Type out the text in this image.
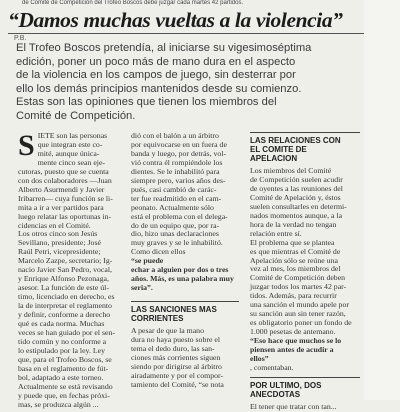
de Comité de Competición del Trofeo Boscos debe juzgar cada martes 42 partidos.
“Damos muchas vueltas a la violencia”
P.B.
El Trofeo Boscos pretendía, al iniciarse su vigesimoséptima
edición, poner un poco más de mano dura en el aspecto
de la violencia en los campos de juego, sin desterrar por
ello los demás principios mantenidos desde su comienzo.
Estas son las opiniones que tienen los miembros del
Comité de Competición.
S IETE son las personas
que integran este co-
mité, aunque única-
mente cinco sean eje-
cutoras, puesto que se cuenta
con dos colaboradores —Juan
Alberto Asurmendi y Javier
Iribarren— cuya función se li-
mita a ir a ver partidos para
luego relatar las oportunas in-
cidencias en el Comité.
Los otros cinco son Jesús
Sevillano, presidente; José
Raúl Petri, vicepresidente;
Marcelo Zazpe, secretario; Ig-
nacio Javier San Pedro, vocal,
y Enrique Alfonso Pezonaga,
asesor. La función de este úl-
timo, licenciado en derecho, es
la de interpretar el reglamento
y definir, conforme a derecho
qué es cada norma. Muchas
veces se han guiado por el sen-
tido común y no conforme a
lo estipulado por la ley. Ley
que, para el Trofeo Boscos, se
basa en el reglamento de fút-
bol, adaptado a este torneo.
Actualmente se está revisando
y puede que, en fechas próxi-
mas, se produzca algún ...
dió con el balón a un árbitro
por equivocarse en un fuera de
banda y luego, por detrás, vol-
vió contra él rompiéndole los
dientes. Se le inhabilitó para
siempre pero, varios años des-
pués, casi cambió de carác-
ter fue readmitido en el cam-
peonato. Actualmente sólo
está el problema con el delega-
do de un equipo que, por ra-
dio, hizo unas declaraciones
muy graves y se le inhabilitó.
Como dicen ellos
“se puede
echar a alguien por dos o tres
años. Más, es una palabra muy
seria”.
LAS SANCIONES MAS
CORRIENTES
A pesar de que la mano
dura no haya puesto sobre el
tema el dedo duro, las san-
ciones más corrientes siguen
siendo por dirigirse al árbitro
airadamente y por el compor-
tamiento del Comité, “se nota
LAS RELACIONES CON
EL COMITE DE
APELACION
Los miembros del Comité
de Competición suelen acudir
de oyentes a las reuniones del
Comité de Apelación y, éstos
suelen consultarles en determi-
nados momentos aunque, a la
hora de la verdad no tengan
relación entre sí.
El problema que se plantea
es que mientras el Comité de
Apelación sólo se reúne una
vez al mes, los miembros del
Comité de Competición deben
juzgar todos los martes 42 par-
tidos. Además, para recurrir
una sanción el mundo apele por
su sanción aun sin tener razón,
es obligatorio poner un fondo de
1.000 pesetas de antemano.
“Eso hace que muchos se lo
piensen antes de acudir a
ellos”
, comentaban.
POR ULTIMO, DOS
ANECDOTAS
El tener que tratar con tan...
